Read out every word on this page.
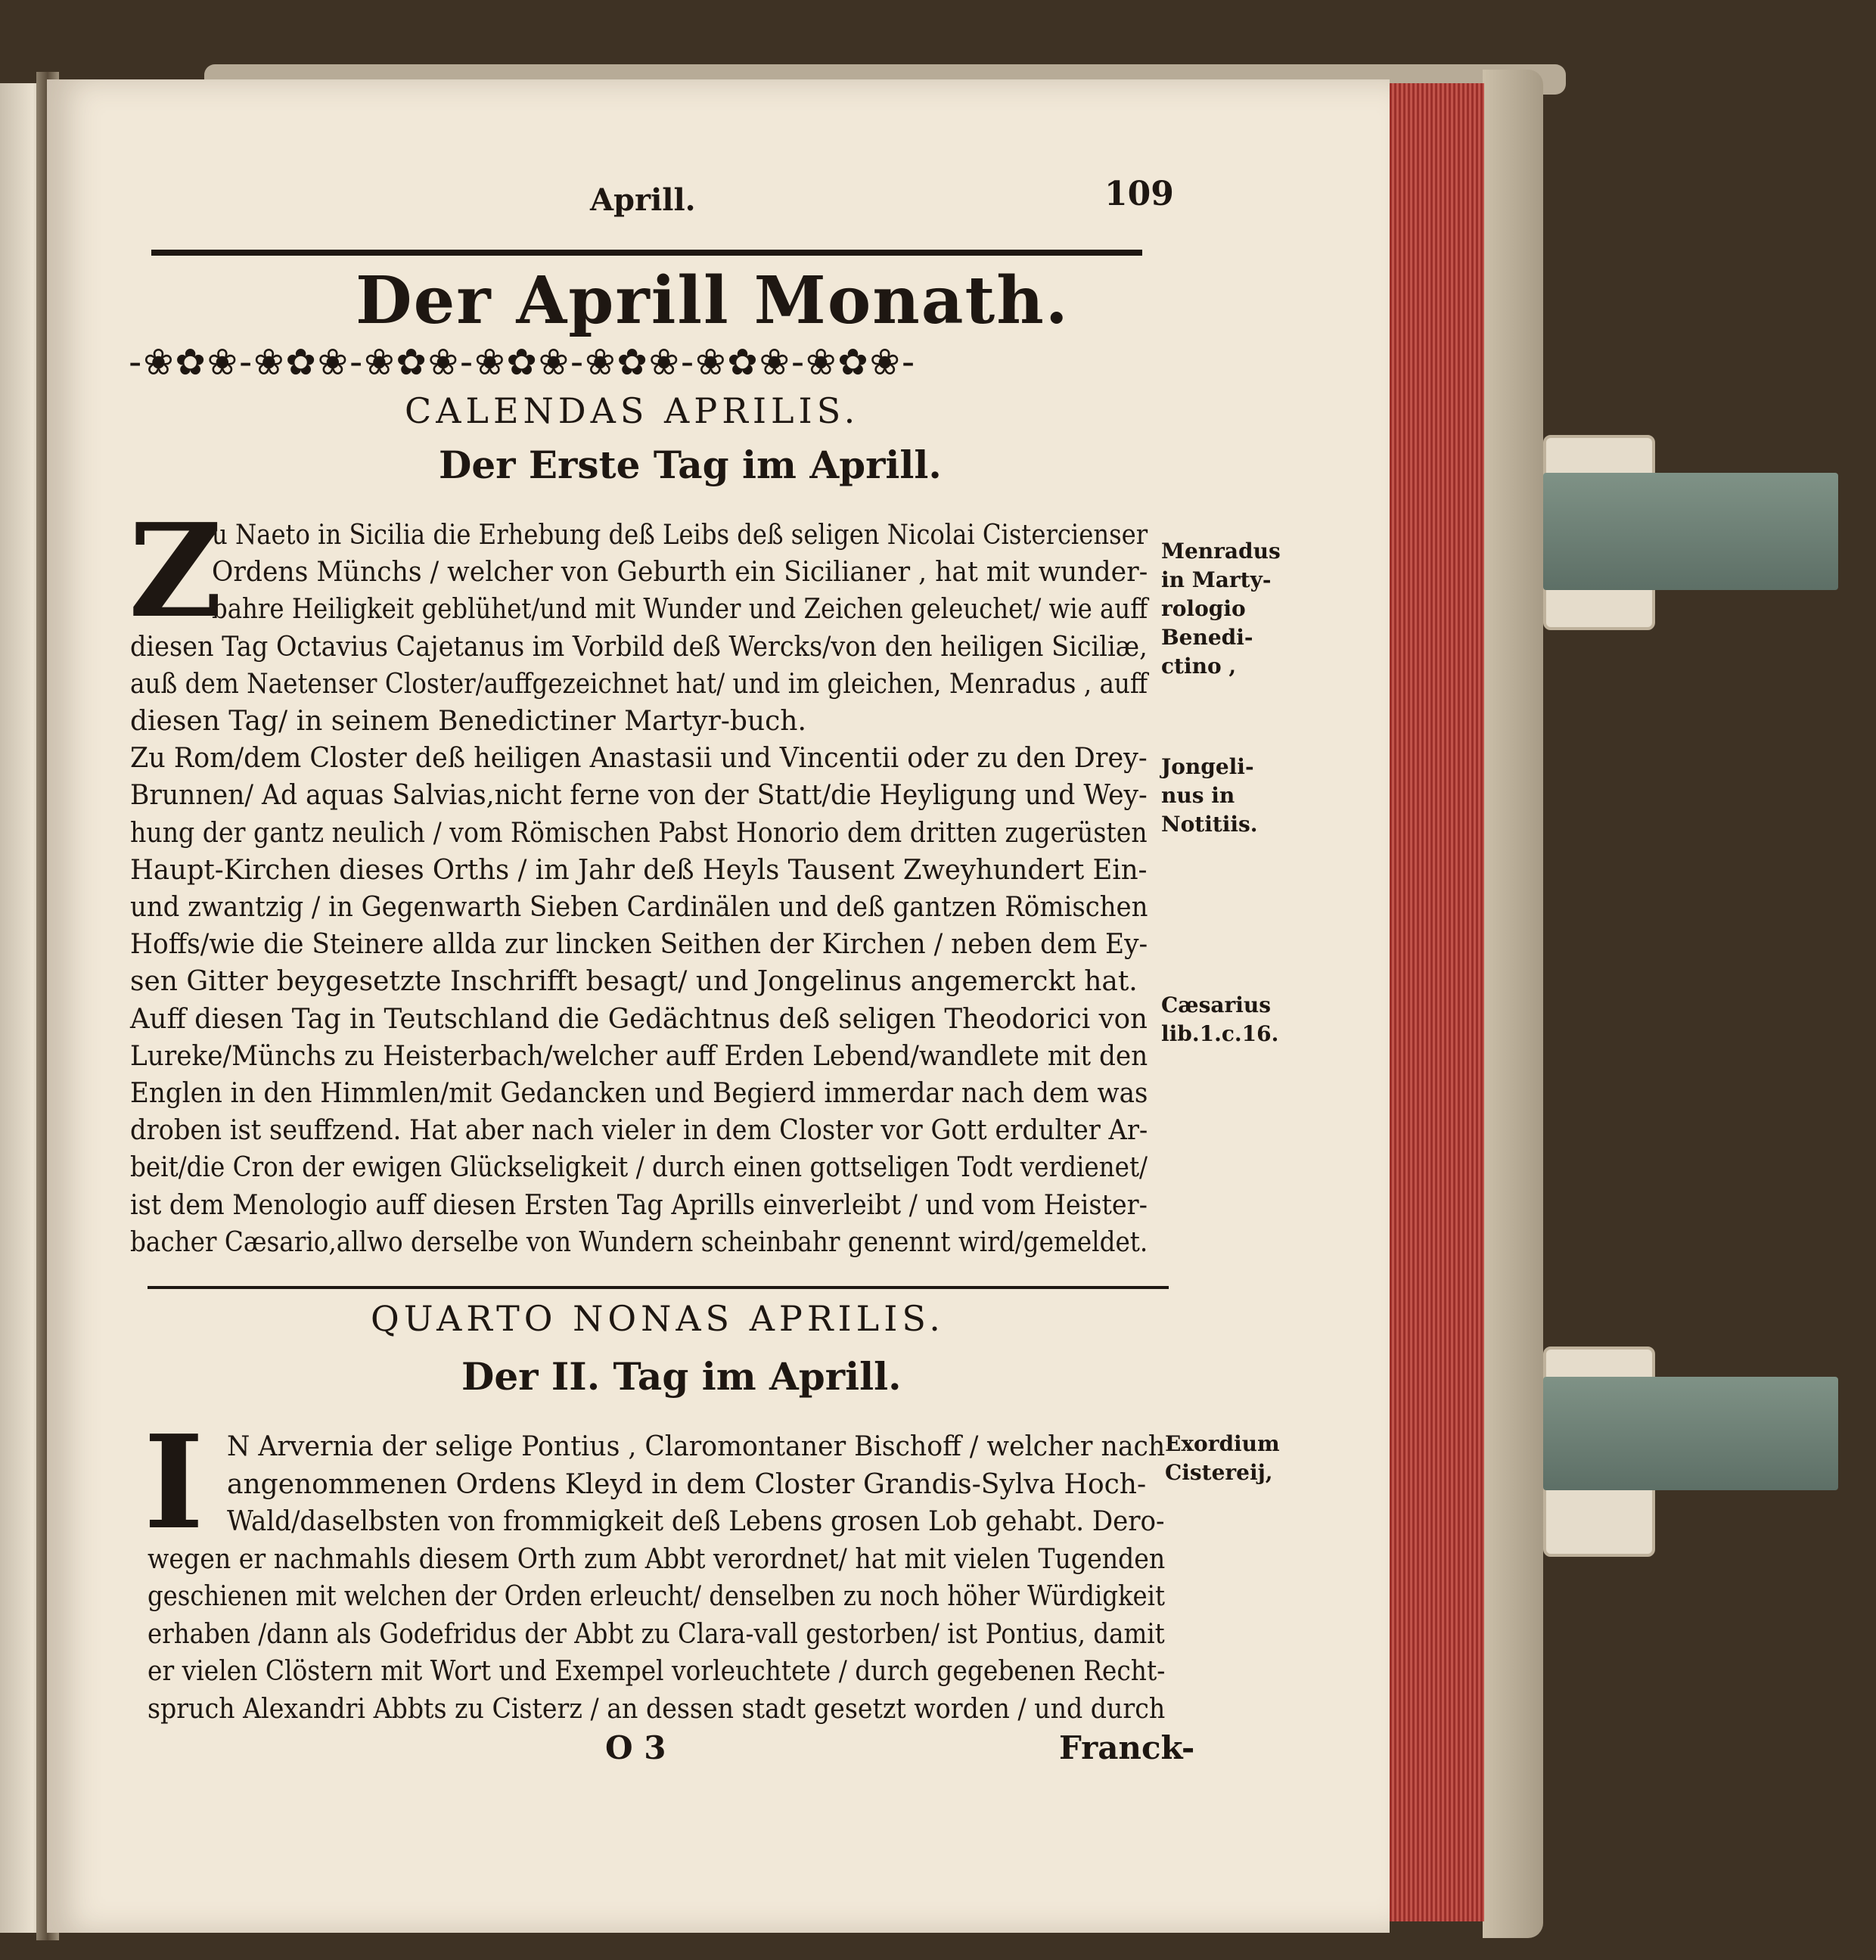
Aprill.	109
Der Aprill Monath.
-❀✿❀-❀✿❀-❀✿❀-❀✿❀-❀✿❀-❀✿❀-❀✿❀-
CALENDAS APRILIS.
Der Erste Tag im Aprill.
Z
u Naeto in Sicilia die Erhebung deß Leibs deß seligen Nicolai Cistercienser
Ordens Münchs / welcher von Geburth ein Sicilianer , hat mit wunder-
bahre Heiligkeit geblühet/und mit Wunder und Zeichen geleuchet/ wie auff
diesen Tag Octavius Cajetanus im Vorbild deß Wercks/von den heiligen Siciliæ,
auß dem Naetenser Closter/auffgezeichnet hat/ und im gleichen, Menradus , auff
diesen Tag/ in seinem Benedictiner Martyr-buch.
Zu Rom/dem Closter deß heiligen Anastasii und Vincentii oder zu den Drey-
Brunnen/ Ad aquas Salvias,nicht ferne von der Statt/die Heyligung und Wey-
hung der gantz neulich / vom Römischen Pabst Honorio dem dritten zugerüsten
Haupt-Kirchen dieses Orths / im Jahr deß Heyls Tausent Zweyhundert Ein-
und zwantzig / in Gegenwarth Sieben Cardinälen und deß gantzen Römischen
Hoffs/wie die Steinere allda zur lincken Seithen der Kirchen / neben dem Ey-
sen Gitter beygesetzte Inschrifft besagt/ und Jongelinus angemerckt hat.
Auff diesen Tag in Teutschland die Gedächtnus deß seligen Theodorici von
Lureke/Münchs zu Heisterbach/welcher auff Erden Lebend/wandlete mit den
Englen in den Himmlen/mit Gedancken und Begierd immerdar nach dem was
droben ist seuffzend. Hat aber nach vieler in dem Closter vor Gott erdulter Ar-
beit/die Cron der ewigen Glückseligkeit / durch einen gottseligen Todt verdienet/
ist dem Menologio auff diesen Ersten Tag Aprills einverleibt / und vom Heister-
bacher Cæsario,allwo derselbe von Wundern scheinbahr genennt wird/gemeldet.
Menradus
in Marty-
rologio
Benedi-
ctino ,
Jongeli-
nus in
Notitiis.
Cæsarius
lib.1.c.16.
QUARTO NONAS APRILIS.
Der II. Tag im Aprill.
I N Arvernia der selige Pontius , Claromontaner Bischoff / welcher nach
angenommenen Ordens Kleyd in dem Closter Grandis-Sylva Hoch-
Wald/daselbsten von frommigkeit deß Lebens grosen Lob gehabt. Dero-
wegen er nachmahls diesem Orth zum Abbt verordnet/ hat mit vielen Tugenden
geschienen mit welchen der Orden erleucht/ denselben zu noch höher Würdigkeit
erhaben /dann als Godefridus der Abbt zu Clara-vall gestorben/ ist Pontius, damit
er vielen Clöstern mit Wort und Exempel vorleuchtete / durch gegebenen Recht-
spruch Alexandri Abbts zu Cisterz / an dessen stadt gesetzt worden / und durch
Exordium
Cistereij,
O 3	Franck-
